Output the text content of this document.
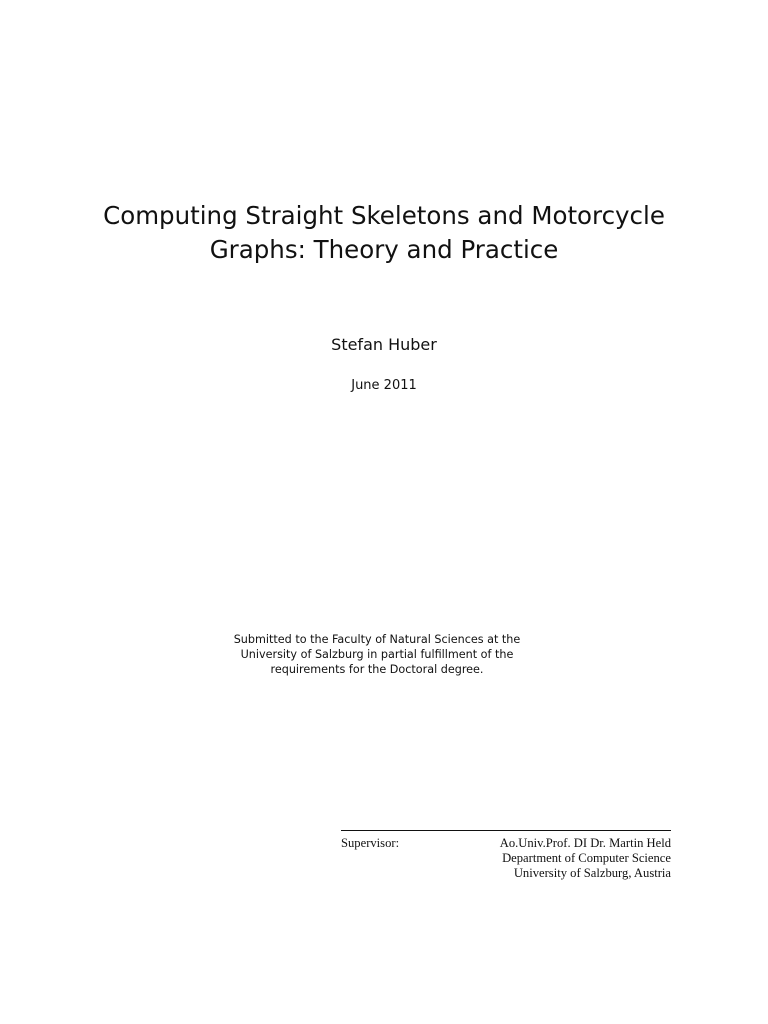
Computing Straight Skeletons and Motorcycle
Graphs: Theory and Practice
Stefan Huber
June 2011
Submitted to the Faculty of Natural Sciences at the
University of Salzburg in partial fulfillment of the
requirements for the Doctoral degree.
Supervisor:	Ao.Univ.Prof. DI Dr. Martin Held
Department of Computer Science
University of Salzburg, Austria
